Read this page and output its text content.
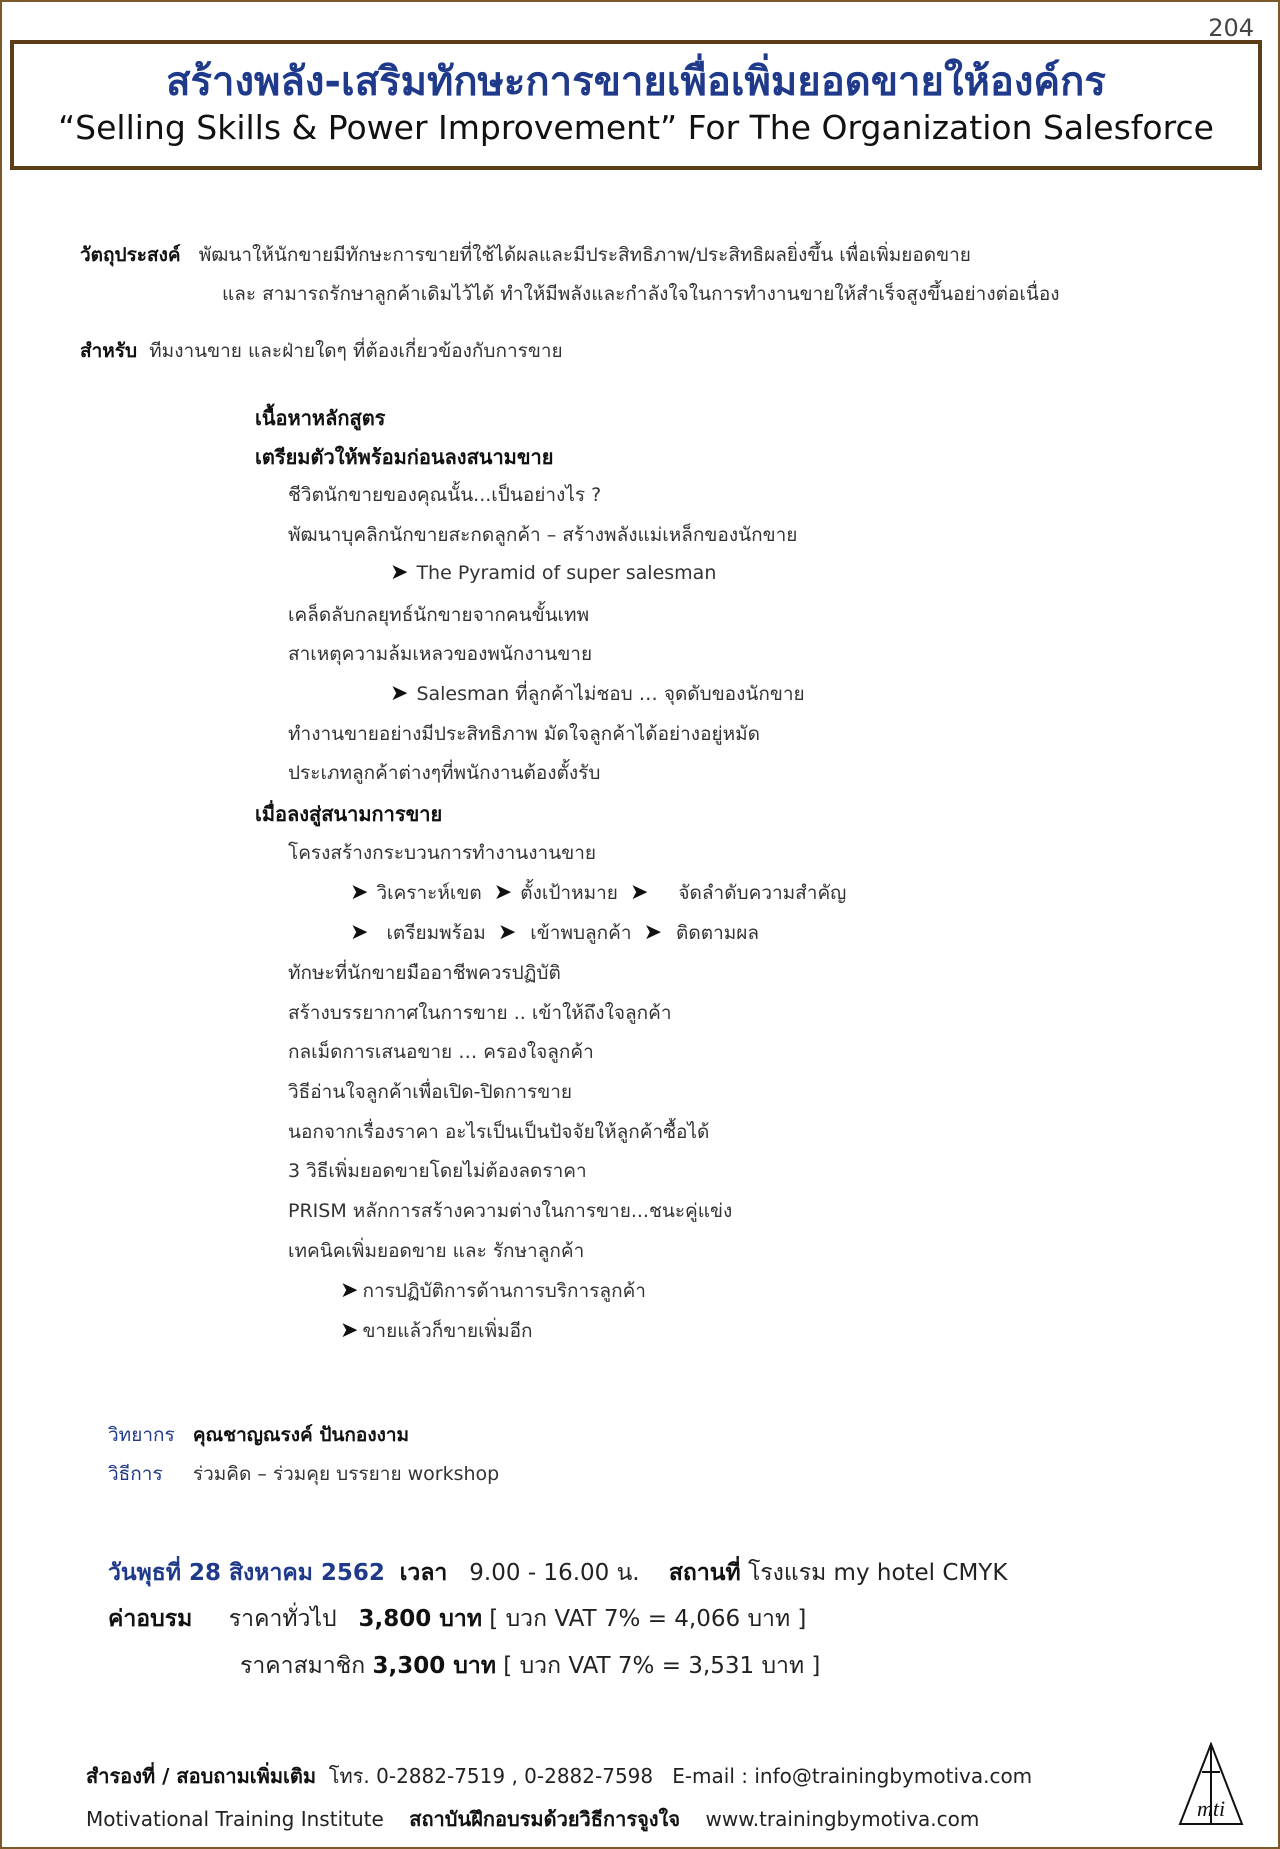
204
สร้างพลัง-เสริมทักษะการขายเพื่อเพิ่มยอดขายให้องค์กร
“Selling Skills & Power Improvement” For The Organization Salesforce
วัตถุประสงค์ พัฒนาให้นักขายมีทักษะการขายที่ใช้ได้ผลและมีประสิทธิภาพ/ประสิทธิผลยิ่งขึ้น เพื่อเพิ่มยอดขาย
และ สามารถรักษาลูกค้าเดิมไว้ได้ ทำให้มีพลังและกำลังใจในการทำงานขายให้สำเร็จสูงขึ้นอย่างต่อเนื่อง
สำหรับ ทีมงานขาย และฝ่ายใดๆ ที่ต้องเกี่ยวข้องกับการขาย
เนื้อหาหลักสูตร
เตรียมตัวให้พร้อมก่อนลงสนามขาย
ชีวิตนักขายของคุณนั้น...เป็นอย่างไร ?
พัฒนาบุคลิกนักขายสะกดลูกค้า – สร้างพลังแม่เหล็กของนักขาย
➤ The Pyramid of super salesman
เคล็ดลับกลยุทธ์นักขายจากคนขั้นเทพ
สาเหตุความล้มเหลวของพนักงานขาย
➤ Salesman ที่ลูกค้าไม่ชอบ … จุดดับของนักขาย
ทำงานขายอย่างมีประสิทธิภาพ มัดใจลูกค้าได้อย่างอยู่หมัด
ประเภทลูกค้าต่างๆที่พนักงานต้องตั้งรับ
เมื่อลงสู่สนามการขาย
โครงสร้างกระบวนการทำงานงานขาย
➤ วิเคราะห์เขต ➤ ตั้งเป้าหมาย ➤ จัดลำดับความสำคัญ
➤ เตรียมพร้อม ➤ เข้าพบลูกค้า ➤ ติดตามผล
ทักษะที่นักขายมืออาชีพควรปฏิบัติ
สร้างบรรยากาศในการขาย .. เข้าให้ถึงใจลูกค้า
กลเม็ดการเสนอขาย … ครองใจลูกค้า
วิธีอ่านใจลูกค้าเพื่อเปิด-ปิดการขาย
นอกจากเรื่องราคา อะไรเป็นเป็นปัจจัยให้ลูกค้าซื้อได้
3 วิธีเพิ่มยอดขายโดยไม่ต้องลดราคา
PRISM หลักการสร้างความต่างในการขาย...ชนะคู่แข่ง
เทคนิคเพิ่มยอดขาย และ รักษาลูกค้า
➤ การปฏิบัติการด้านการบริการลูกค้า
➤ ขายแล้วก็ขายเพิ่มอีก
วิทยากร คุณชาญณรงค์ ปันกองงาม
วิธีการ ร่วมคิด – ร่วมคุย บรรยาย workshop
วันพุธที่ 28 สิงหาคม 2562 เวลา 9.00 - 16.00 น. สถานที่ โรงแรม my hotel CMYK
ค่าอบรม ราคาทั่วไป 3,800 บาท [ บวก VAT 7% = 4,066 บาท ]
ราคาสมาชิก 3,300 บาท [ บวก VAT 7% = 3,531 บาท ]
สำรองที่ / สอบถามเพิ่มเติม โทร. 0-2882-7519 , 0-2882-7598 E-mail : info@trainingbymotiva.com
Motivational Training Institute สถาบันฝึกอบรมด้วยวิธีการจูงใจ www.trainingbymotiva.com	mti
